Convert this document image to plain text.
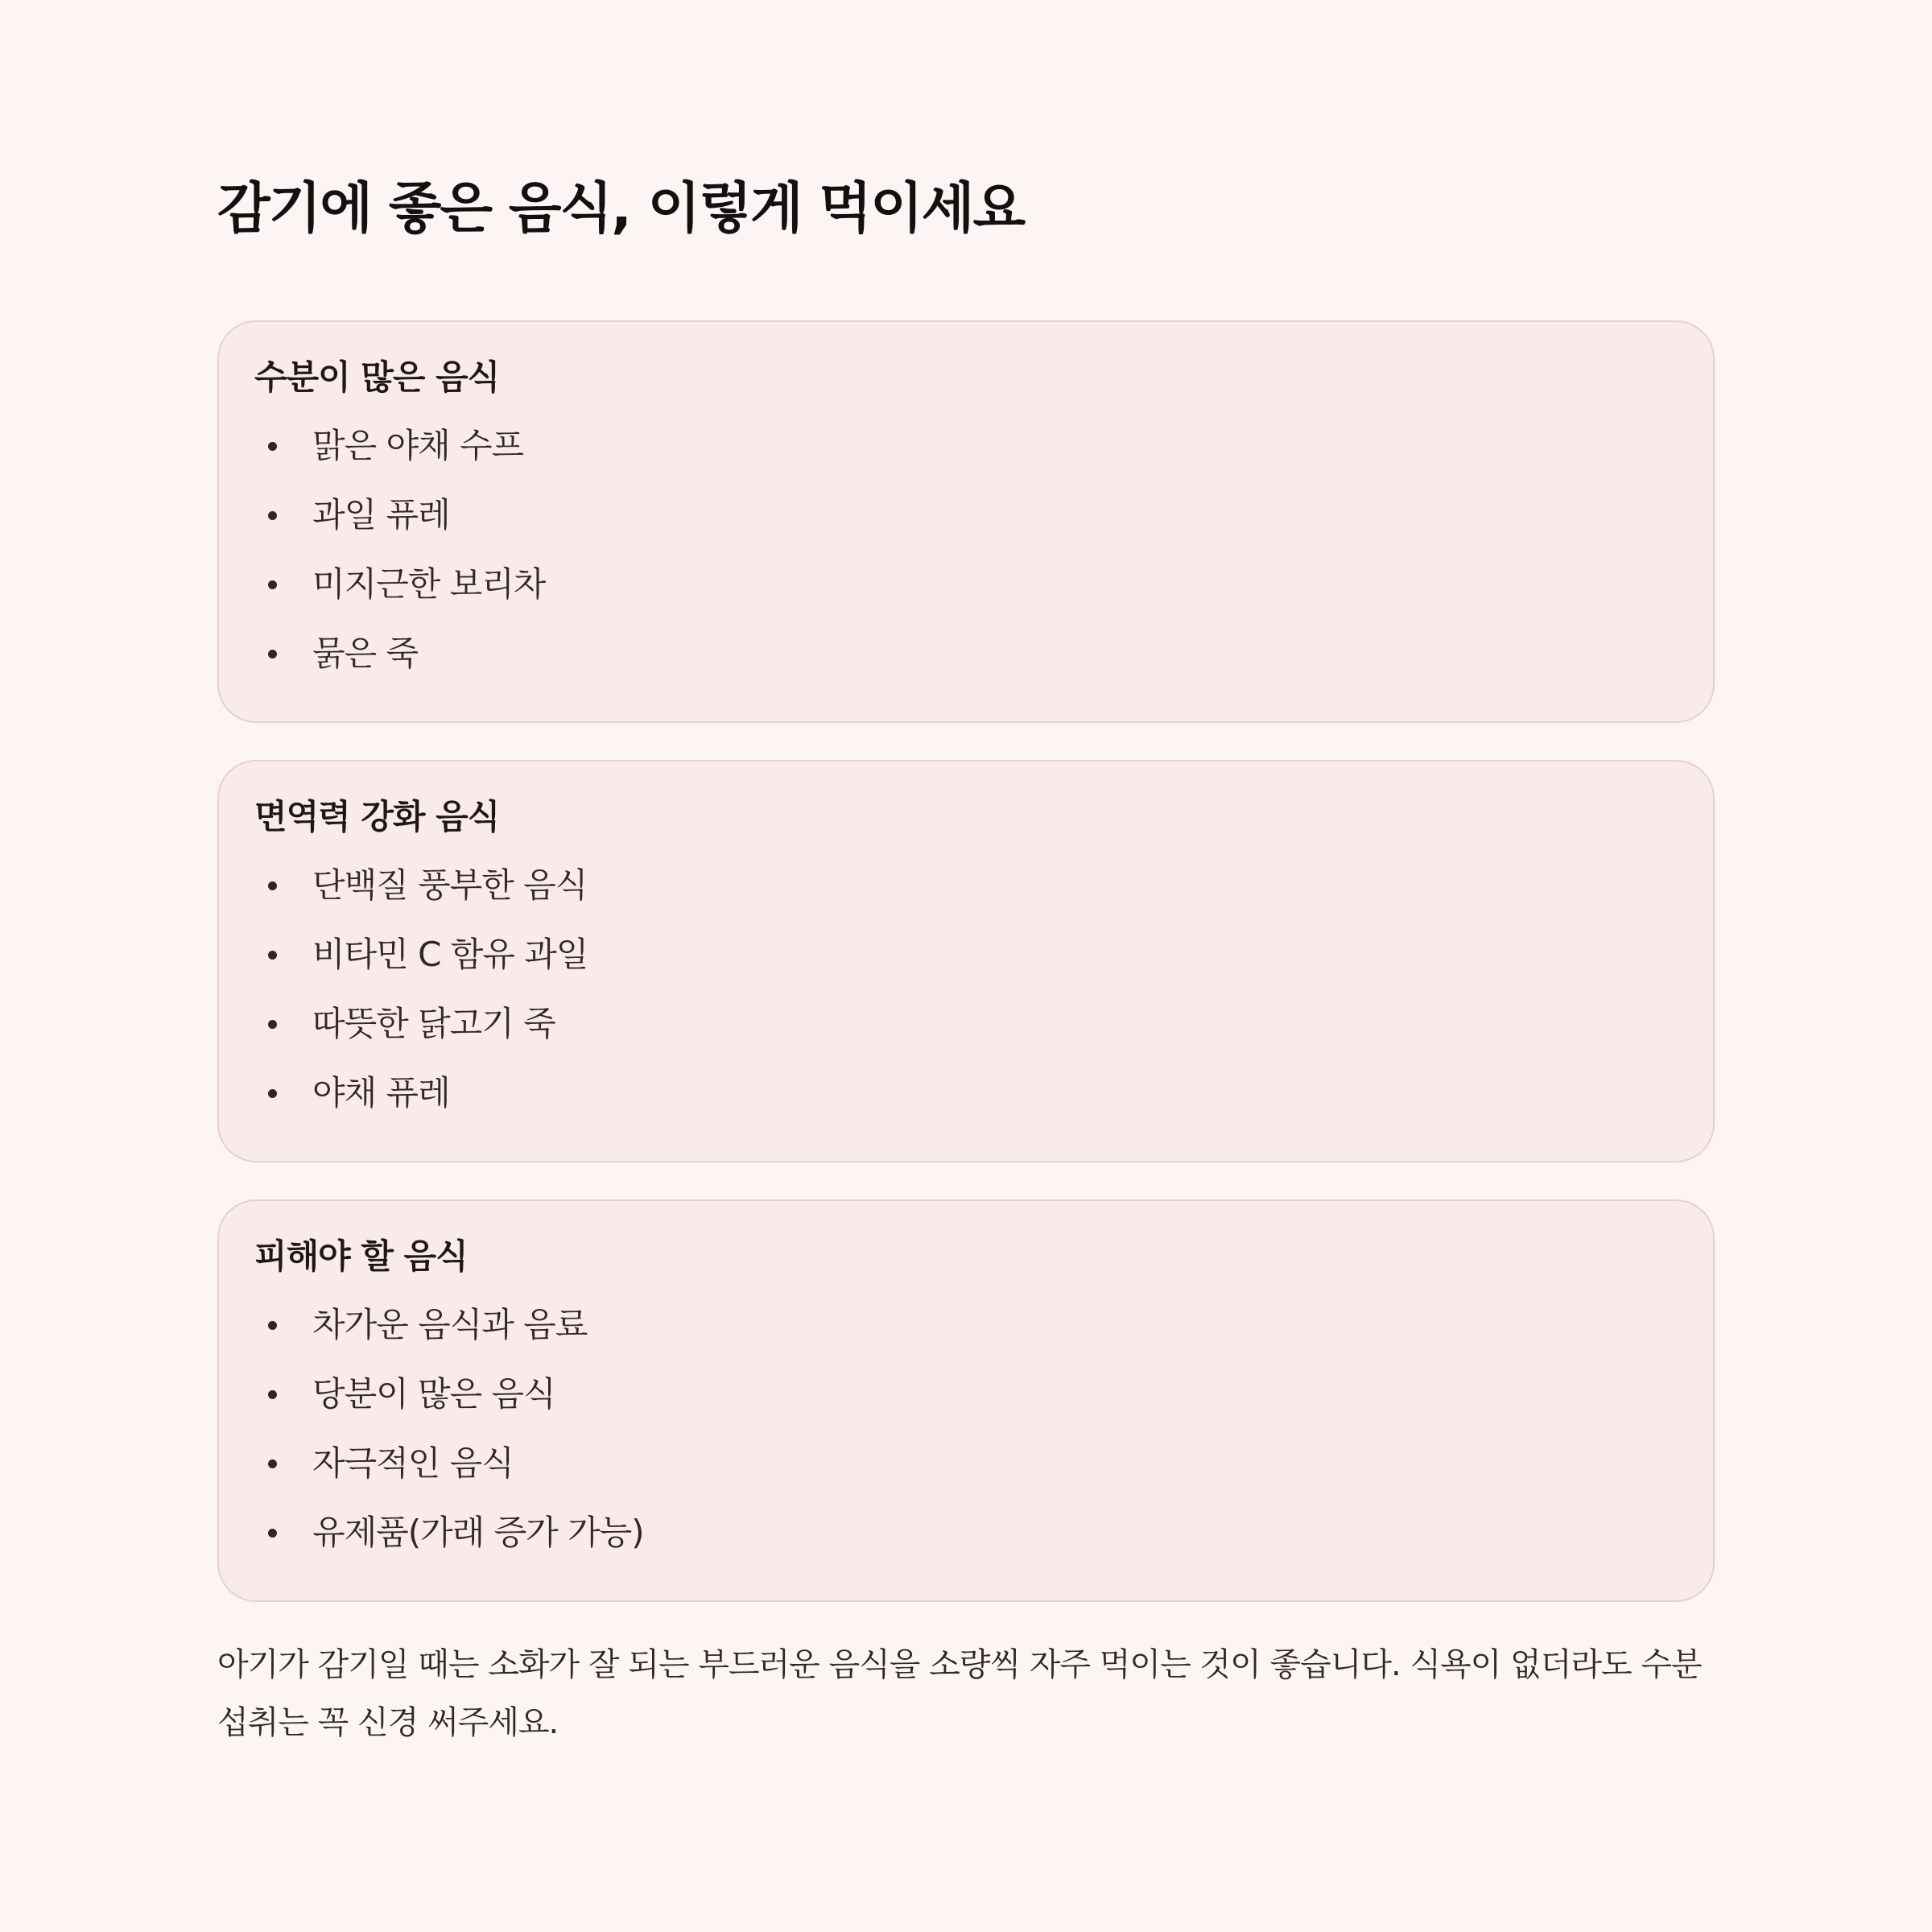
감기에 좋은 음식, 이렇게 먹이세요
수분이 많은 음식
맑은 야채 수프
과일 퓨레
미지근한 보리차
묽은 죽
면역력 강화 음식
단백질 풍부한 음식
비타민 C 함유 과일
따뜻한 닭고기 죽
야채 퓨레
피해야 할 음식
차가운 음식과 음료
당분이 많은 음식
자극적인 음식
유제품(가래 증가 가능)

아기가 감기일 때는 소화가 잘 되는 부드러운 음식을 소량씩 자주 먹이는 것이 좋습니다. 식욕이 없더라도 수분 섭취는 꼭 신경 써주세요.
